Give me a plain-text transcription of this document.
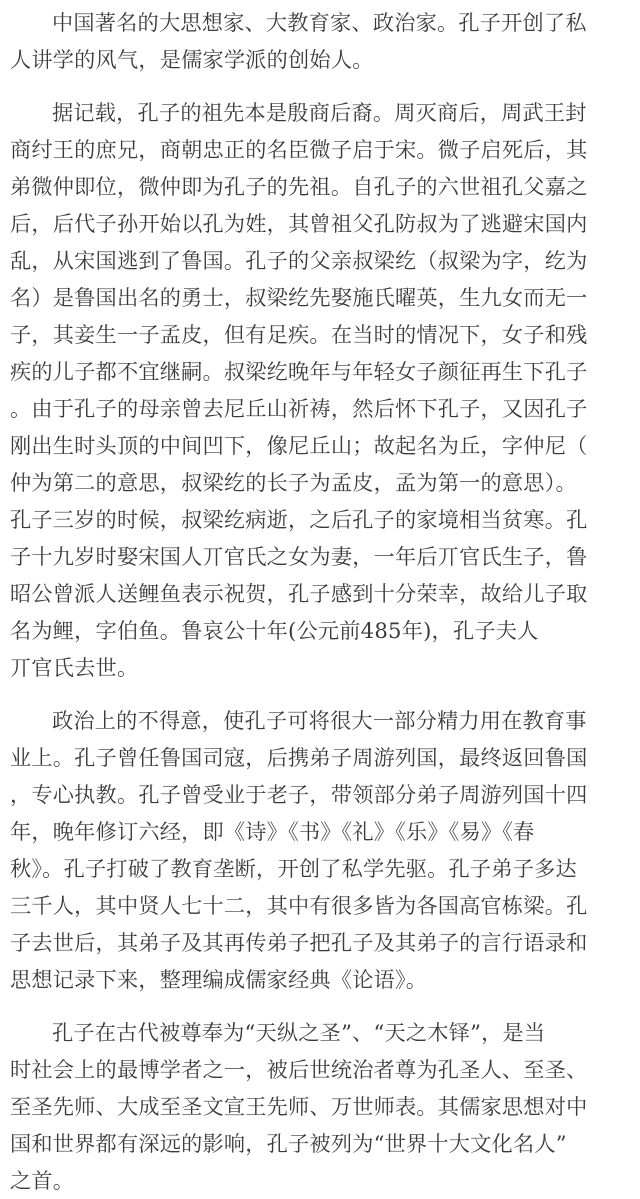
中国著名的大思想家、大教育家、政治家。孔子开创了私
人讲学的风气，是儒家学派的创始人。
据记载，孔子的祖先本是殷商后裔。周灭商后，周武王封
商纣王的庶兄，商朝忠正的名臣微子启于宋。微子启死后，其
弟微仲即位，微仲即为孔子的先祖。自孔子的六世祖孔父嘉之
后，后代子孙开始以孔为姓，其曾祖父孔防叔为了逃避宋国内
乱，从宋国逃到了鲁国。孔子的父亲叔梁纥（叔梁为字，纥为
名）是鲁国出名的勇士，叔梁纥先娶施氏曜英，生九女而无一
子，其妾生一子孟皮，但有足疾。在当时的情况下，女子和残
疾的儿子都不宜继嗣。叔梁纥晚年与年轻女子颜征再生下孔子
。由于孔子的母亲曾去尼丘山祈祷，然后怀下孔子，又因孔子
刚出生时头顶的中间凹下，像尼丘山；故起名为丘，字仲尼（
仲为第二的意思，叔梁纥的长子为孟皮，孟为第一的意思）。
孔子三岁的时候，叔梁纥病逝，之后孔子的家境相当贫寒。孔
子十九岁时娶宋国人丌官氏之女为妻，一年后丌官氏生子，鲁
昭公曾派人送鲤鱼表示祝贺，孔子感到十分荣幸，故给儿子取
名为鲤，字伯鱼。鲁哀公十年(公元前485年)，孔子夫人
丌官氏去世。
政治上的不得意，使孔子可将很大一部分精力用在教育事
业上。孔子曾任鲁国司寇，后携弟子周游列国，最终返回鲁国
，专心执教。孔子曾受业于老子，带领部分弟子周游列国十四
年，晚年修订六经，即《诗》《书》《礼》《乐》《易》《春
秋》。孔子打破了教育垄断，开创了私学先驱。孔子弟子多达
三千人，其中贤人七十二，其中有很多皆为各国高官栋梁。孔
子去世后，其弟子及其再传弟子把孔子及其弟子的言行语录和
思想记录下来，整理编成儒家经典《论语》。
孔子在古代被尊奉为“天纵之圣”、“天之木铎”，是当
时社会上的最博学者之一，被后世统治者尊为孔圣人、至圣、
至圣先师、大成至圣文宣王先师、万世师表。其儒家思想对中
国和世界都有深远的影响，孔子被列为“世界十大文化名人”
之首。
